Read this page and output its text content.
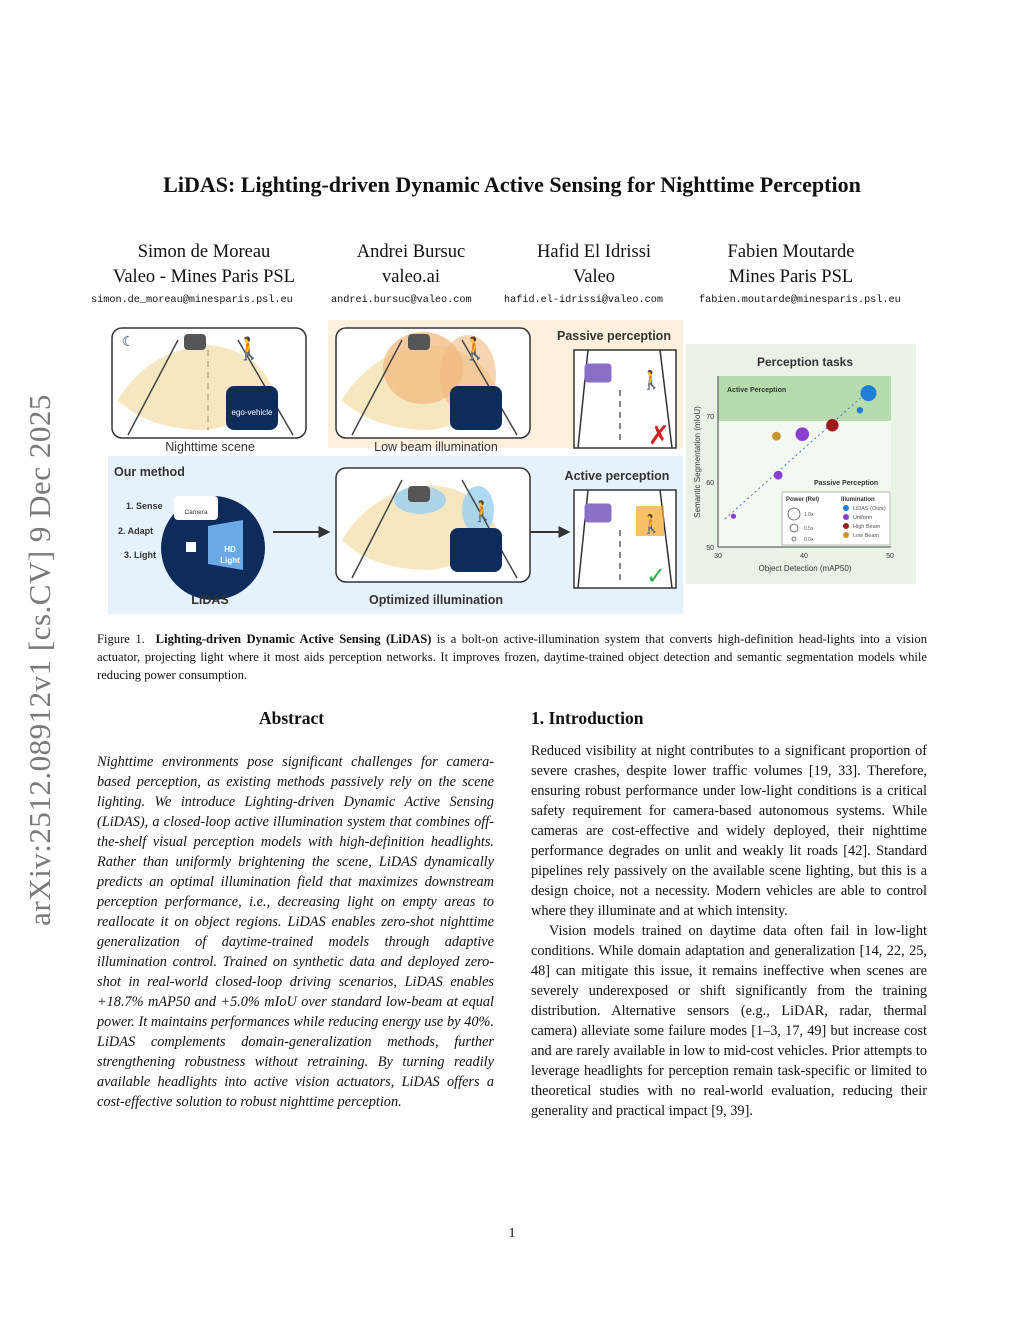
arXiv:2512.08912v1 [cs.CV] 9 Dec 2025
LiDAS: Lighting-driven Dynamic Active Sensing for Nighttime Perception
Simon de Moreau
Valeo - Mines Paris PSL
Andrei Bursuc
valeo.ai
Hafid El Idrissi
Valeo
Fabien Moutarde
Mines Paris PSL
simon.de_moreau@minesparis.psl.eu	andrei.bursuc@valeo.com	hafid.el-idrissi@valeo.com	fabien.moutarde@minesparis.psl.eu
☾	🚶
ego-vehicle
Nighttime scene
🚶
Low beam illumination
Passive perception
🚶
✗
Our method
Camera
1. Sense
2. Adapt
3. Light
HD
Light
LiDAS
🚶
Optimized illumination
Active perception
🚶
✓
Perception tasks
Active Perception
Passive Perception
70
60
50
30	40	50
Object Detection (mAP50)
Semantic Segmentation (mIoU)	Power (Rel)	Illumination
1.0x
0.5x
0.0x
LiDAS (Ours)
Uniform
High Beam
Low Beam
Figure 1. Lighting-driven Dynamic Active Sensing (LiDAS) is a bolt-on active-illumination system that converts high-definition head-lights into a vision actuator, projecting light where it most aids perception networks. It improves frozen, daytime-trained object detection and semantic segmentation models while reducing power consumption.
Abstract
Nighttime environments pose significant challenges for camera-based perception, as existing methods passively rely on the scene lighting. We introduce Lighting-driven Dynamic Active Sensing (LiDAS), a closed-loop active illumination system that combines off-the-shelf visual perception models with high-definition headlights. Rather than uniformly brightening the scene, LiDAS dynamically predicts an optimal illumination field that maximizes downstream perception performance, i.e., decreasing light on empty areas to reallocate it on object regions. LiDAS enables zero-shot nighttime generalization of daytime-trained models through adaptive illumination control. Trained on synthetic data and deployed zero-shot in real-world closed-loop driving scenarios, LiDAS enables +18.7% mAP50 and +5.0% mIoU over standard low-beam at equal power. It maintains performances while reducing energy use by 40%. LiDAS complements domain-generalization methods, further strengthening robustness without retraining. By turning readily available headlights into active vision actuators, LiDAS offers a cost-effective solution to robust nighttime perception.
1. Introduction

Reduced visibility at night contributes to a significant proportion of severe crashes, despite lower traffic volumes [19, 33]. Therefore, ensuring robust performance under low-light conditions is a critical safety requirement for camera-based autonomous systems. While cameras are cost-effective and widely deployed, their nighttime performance degrades on unlit and weakly lit roads [42]. Standard pipelines rely passively on the available scene lighting, but this is a design choice, not a necessity. Modern vehicles are able to control where they illuminate and at which intensity.

Vision models trained on daytime data often fail in low-light conditions. While domain adaptation and generalization [14, 22, 25, 48] can mitigate this issue, it remains ineffective when scenes are severely underexposed or shift significantly from the training distribution. Alternative sensors (e.g., LiDAR, radar, thermal camera) alleviate some failure modes [1–3, 17, 49] but increase cost and are rarely available in low to mid-cost vehicles. Prior attempts to leverage headlights for perception remain task-specific or limited to theoretical studies with no real-world evaluation, reducing their generality and practical impact [9, 39].

1
